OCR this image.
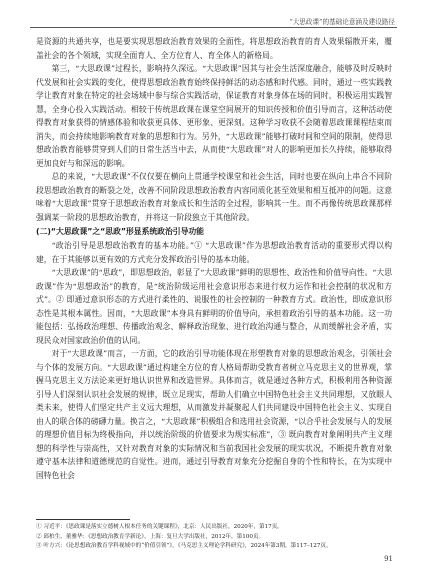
“大思政课”的基础论意涵及建设路径

是资源的共通共享，也是要实现思想政治教育效果的全面性，将思想政治教育的育人效果辐散开来，覆盖社会的各个领域，实现全面育人、全方位育人、育全体人的新格局。

第三，“大思政课”过程长，影响持久深远。“大思政课”因其与社会生活深度融合，能够及时反映时代发展和社会实践的变化，使得思想政治教育始终保持鲜活的动态感和时代感。同时，通过一些实践教学让教育对象在特定的社会场域中参与综合实践活动，保证教育对象身体在场的同时，积极运用实践智慧，全身心投入实践活动。相较于传统思政课在课堂空间展开的知识传授和价值引导而言，这种活动使得教育对象获得的情感体验和收获更具体、更形象、更深刻。这种学习收获不会随着思政课课程结束而消失，而会持续地影响教育对象的思想和行为。另外，“大思政课”能够打破时间和空间的限制，使得思想政治教育能够贯穿到人们的日常生活当中去，从而使“大思政课”对人的影响更加长久持续，能够取得更加良好与和深远的影响。

总的来说，“大思政课”不仅仅要在横向上贯通学校课堂和社会生活，同时也要在纵向上串合不同阶段思想政治教育的断裂之处，改善不同阶段思想政治教育内容同质化甚至效果和相互抵冲的问题。这意味着“大思政课”贯穿于思想政治教育对象成长和生活的全过程，影响其一生。而不再像传统思政课那样强调某一阶段的思想政治教育，并将这一阶段独立于其他阶段。

(二)“大思政课”之“思政”形显系统政治引导功能

“政治引导是思想政治教育的基本功能。”① “大思政课”作为思想政治教育活动的重要形式得以构建，在于其能够以更有效的方式充分发挥政治引导的基本功能。

“大思政课”的“思政”，即思想政治，彰显了“大思政课”鲜明的思想性、政治性和价值导向性。“大思政课”作为“思想政治”的教育，是“统治阶级运用社会意识形态来进行权力运作和社会控制的状况和方式”。② 即通过意识形态的方式进行柔性的、说服性的社会控制的一种教育方式。政治性，即成意识形态性是其根本属性。因而，“大思政课”本身具有鲜明的价值导向，承担着政治引导的基本功能。这一功能包括：弘扬政治理想、传播政治观念、解释政治现象、进行政治沟通与整合，从而缓解社会矛盾，实现民众对国家政治价值的认同。

对于“大思政课”而言，一方面，它的政治引导功能体现在形塑教育对象的思想政治观念，引领社会与个体的发展方向。“大思政课”通过构建全方位的育人格局帮助受教育者树立马克思主义的世界观，掌握马克思主义方法论来更好地认识世界和改造世界。具体而言，就是通过各种方式，积极利用各种资源引导人们深刻认识社会发展的规律，既立足现实，帮助人们确立中国特色社会主义共同理想，又放眼人类未来，使得人们坚定共产主义远大理想，从而激发并凝聚起人们共同建设中国特色社会主义、实现自由人的联合体的磅礴力量。换言之，“大思政课”积极组合和选用社会资源，“以合乎社会发展与人的发展的理想价值目标为终极指向，并以统治阶级的价值要求为规实标准”，③ 既向教育对象阐明共产主义理想的科学性与崇高性，又针对教育对象的实际情况和当前我国社会发展的现实状况，不断提升教育对象遵守基本法律和道德规范的自觉性。进而，通过引导教育对象充分挖掘自身的个性和特长，在为实现中国特色社会

① 习近平：《思政课是落实立德树人根本任务的关键课程》，北京：人民出版社，2020年，第17页。
② 邱柏生、董雅华：《思想政治教育学新论》，上海：复旦大学出版社，2012年，第100页。
③ 叶方兴：《论思想政治教育学科视域中的“价值引领”》，《马克思主义理论学科研究》，2024年第3期，第117–127页。
91
